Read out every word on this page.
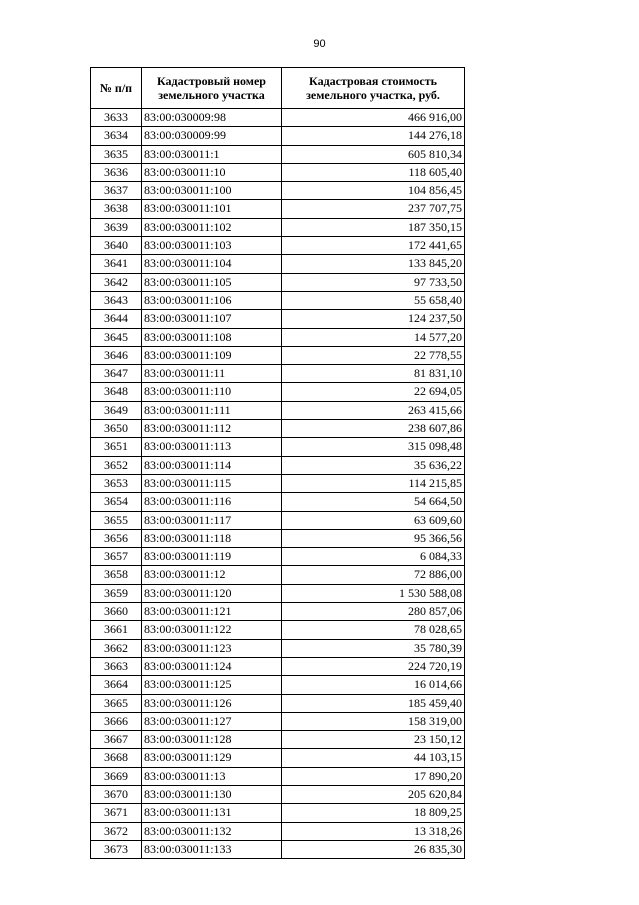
90
№ п/п	Кадастровый номер земельного участка	Кадастровая стоимость земельного участка, руб.
3633	83:00:030009:98	466 916,00
3634	83:00:030009:99	144 276,18
3635	83:00:030011:1	605 810,34
3636	83:00:030011:10	118 605,40
3637	83:00:030011:100	104 856,45
3638	83:00:030011:101	237 707,75
3639	83:00:030011:102	187 350,15
3640	83:00:030011:103	172 441,65
3641	83:00:030011:104	133 845,20
3642	83:00:030011:105	97 733,50
3643	83:00:030011:106	55 658,40
3644	83:00:030011:107	124 237,50
3645	83:00:030011:108	14 577,20
3646	83:00:030011:109	22 778,55
3647	83:00:030011:11	81 831,10
3648	83:00:030011:110	22 694,05
3649	83:00:030011:111	263 415,66
3650	83:00:030011:112	238 607,86
3651	83:00:030011:113	315 098,48
3652	83:00:030011:114	35 636,22
3653	83:00:030011:115	114 215,85
3654	83:00:030011:116	54 664,50
3655	83:00:030011:117	63 609,60
3656	83:00:030011:118	95 366,56
3657	83:00:030011:119	6 084,33
3658	83:00:030011:12	72 886,00
3659	83:00:030011:120	1 530 588,08
3660	83:00:030011:121	280 857,06
3661	83:00:030011:122	78 028,65
3662	83:00:030011:123	35 780,39
3663	83:00:030011:124	224 720,19
3664	83:00:030011:125	16 014,66
3665	83:00:030011:126	185 459,40
3666	83:00:030011:127	158 319,00
3667	83:00:030011:128	23 150,12
3668	83:00:030011:129	44 103,15
3669	83:00:030011:13	17 890,20
3670	83:00:030011:130	205 620,84
3671	83:00:030011:131	18 809,25
3672	83:00:030011:132	13 318,26
3673	83:00:030011:133	26 835,30
